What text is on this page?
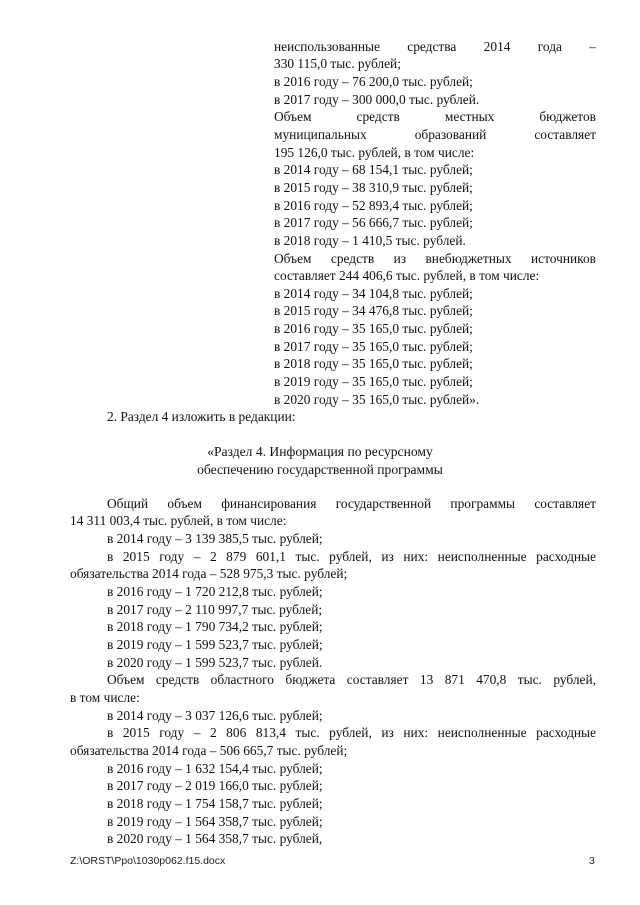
неиспользованные средства 2014 года –
330 115,0 тыс. рублей;
в 2016 году – 76 200,0 тыс. рублей;
в 2017 году – 300 000,0 тыс. рублей.
Объем средств местных бюджетов
муниципальных образований составляет
195 126,0 тыс. рублей, в том числе:
в 2014 году – 68 154,1 тыс. рублей;
в 2015 году – 38 310,9 тыс. рублей;
в 2016 году – 52 893,4 тыс. рублей;
в 2017 году – 56 666,7 тыс. рублей;
в 2018 году – 1 410,5 тыс. рублей.
Объем средств из внебюджетных источников
составляет 244 406,6 тыс. рублей, в том числе:
в 2014 году – 34 104,8 тыс. рублей;
в 2015 году – 34 476,8 тыс. рублей;
в 2016 году – 35 165,0 тыс. рублей;
в 2017 году – 35 165,0 тыс. рублей;
в 2018 году – 35 165,0 тыс. рублей;
в 2019 году – 35 165,0 тыс. рублей;
в 2020 году – 35 165,0 тыс. рублей».
2. Раздел 4 изложить в редакции:
«Раздел 4. Информация по ресурсному
обеспечению государственной программы
Общий объем финансирования государственной программы составляет
14 311 003,4 тыс. рублей, в том числе:
в 2014 году – 3 139 385,5 тыс. рублей;
в 2015 году – 2 879 601,1 тыс. рублей, из них: неисполненные расходные
обязательства 2014 года – 528 975,3 тыс. рублей;
в 2016 году – 1 720 212,8 тыс. рублей;
в 2017 году – 2 110 997,7 тыс. рублей;
в 2018 году – 1 790 734,2 тыс. рублей;
в 2019 году – 1 599 523,7 тыс. рублей;
в 2020 году – 1 599 523,7 тыс. рублей.
Объем средств областного бюджета составляет 13 871 470,8 тыс. рублей,
в том числе:
в 2014 году – 3 037 126,6 тыс. рублей;
в 2015 году – 2 806 813,4 тыс. рублей, из них: неисполненные расходные
обязательства 2014 года – 506 665,7 тыс. рублей;
в 2016 году – 1 632 154,4 тыс. рублей;
в 2017 году – 2 019 166,0 тыс. рублей;
в 2018 году – 1 754 158,7 тыс. рублей;
в 2019 году – 1 564 358,7 тыс. рублей;
в 2020 году – 1 564 358,7 тыс. рублей,
Z:\ORST\Ppo\1030p062.f15.docx	3
